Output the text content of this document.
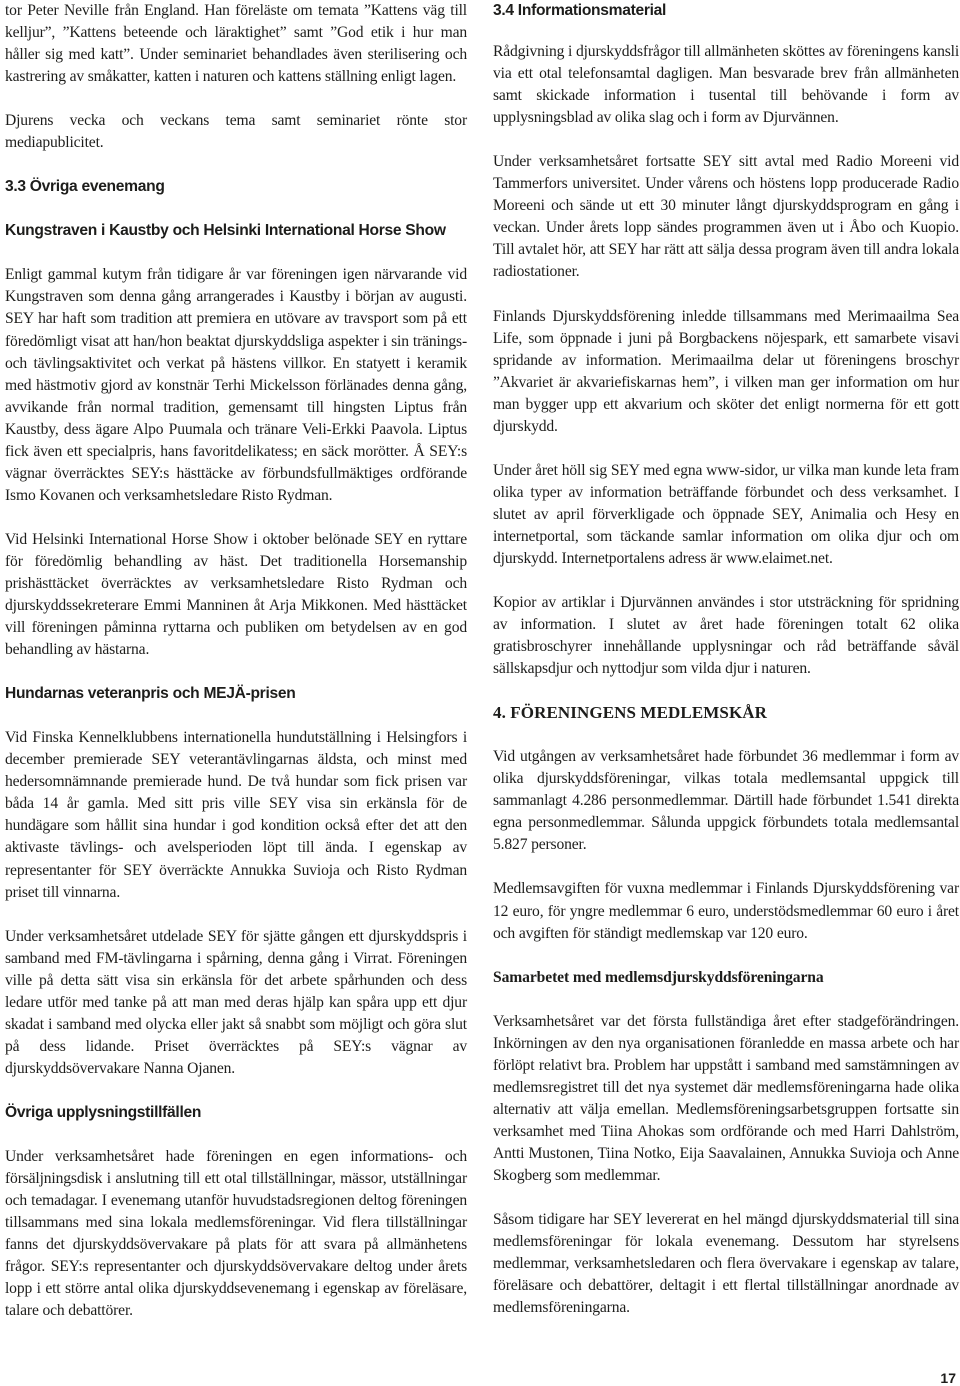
tor Peter Neville från England. Han föreläste om temata ”Kattens väg till kelljur”, ”Kattens beteende och läraktighet” samt ”God etik i hur man håller sig med katt”. Under seminariet behandlades även sterilisering och kastrering av småkatter, katten i naturen och kattens ställning enligt lagen.

Djurens vecka och veckans tema samt seminariet rönte stor mediapublicitet.

3.3 Övriga evenemang
Kungstraven i Kaustby och Helsinki International Horse Show

Enligt gammal kutym från tidigare år var föreningen igen närvarande vid Kungstraven som denna gång arrangerades i Kaustby i början av augusti. SEY har haft som tradition att premiera en utövare av travsport som på ett föredömligt visat att han/hon beaktat djurskyddsliga aspekter i sin tränings- och tävlingsaktivitet och verkat på hästens villkor. En statyett i keramik med hästmotiv gjord av konstnär Terhi Mickelsson förlänades denna gång, avvikande från normal tradition, gemensamt till hingsten Liptus från Kaustby, dess ägare Alpo Puumala och tränare Veli-Erkki Paavola. Liptus fick även ett specialpris, hans favoritdelikatess; en säck morötter. Å SEY:s vägnar överräcktes SEY:s hästtäcke av förbundsfullmäktiges ordförande Ismo Kovanen och verksamhetsledare Risto Rydman.

Vid Helsinki International Horse Show i oktober belönade SEY en ryttare för föredömlig behandling av häst. Det traditionella Horsemanship prishästtäcket överräcktes av verksamhetsledare Risto Rydman och djurskyddssekreterare Emmi Manninen åt Arja Mikkonen. Med hästtäcket vill föreningen påminna ryttarna och publiken om betydelsen av en god behandling av hästarna.

Hundarnas veteranpris och MEJÄ-prisen

Vid Finska Kennelklubbens internationella hundutställning i Helsingfors i december premierade SEY veterantävlingarnas äldsta, och minst med hedersomnämnande premierade hund. De två hundar som fick prisen var båda 14 år gamla. Med sitt pris ville SEY visa sin erkänsla för de hundägare som hållit sina hundar i god kondition också efter det att den aktivaste tävlings- och avelsperioden löpt till ända. I egenskap av representanter för SEY överräckte Annukka Suvioja och Risto Rydman priset till vinnarna.

Under verksamhetsåret utdelade SEY för sjätte gången ett djurskyddspris i samband med FM-tävlingarna i spårning, denna gång i Virrat. Föreningen ville på detta sätt visa sin erkänsla för det arbete spårhunden och dess ledare utför med tanke på att man med deras hjälp kan spåra upp ett djur skadat i samband med olycka eller jakt så snabbt som möjligt och göra slut på dess lidande. Priset överräcktes på SEY:s vägnar av djurskyddsövervakare Nanna Ojanen.

Övriga upplysningstillfällen

Under verksamhetsåret hade föreningen en egen informations- och försäljningsdisk i anslutning till ett otal tillställningar, mässor, utställningar och temadagar. I evenemang utanför huvudstadsregionen deltog föreningen tillsammans med sina lokala medlemsföreningar. Vid flera tillställningar fanns det djurskyddsövervakare på plats för att svara på allmänhetens frågor. SEY:s representanter och djurskyddsövervakare deltog under årets lopp i ett större antal olika djurskyddsevenemang i egenskap av föreläsare, talare och debattörer.

3.4 Informationsmaterial

Rådgivning i djurskyddsfrågor till allmänheten sköttes av föreningens kansli via ett otal telefonsamtal dagligen. Man besvarade brev från allmänheten samt skickade information i tusental till behövande i form av upplysningsblad av olika slag och i form av Djurvännen.

Under verksamhetsåret fortsatte SEY sitt avtal med Radio Moreeni vid Tammerfors universitet. Under vårens och höstens lopp producerade Radio Moreeni och sände ut ett 30 minuter långt djurskyddsprogram en gång i veckan. Under årets lopp sändes programmen även ut i Åbo och Kuopio. Till avtalet hör, att SEY har rätt att sälja dessa program även till andra lokala radiostationer.

Finlands Djurskyddsförening inledde tillsammans med Merimaailma Sea Life, som öppnade i juni på Borgbackens nöjespark, ett samarbete visavi spridande av information. Merimaailma delar ut föreningens broschyr ”Akvariet är akvariefiskarnas hem”, i vilken man ger information om hur man bygger upp ett akvarium och sköter det enligt normerna för ett gott djurskydd.

Under året höll sig SEY med egna www-sidor, ur vilka man kunde leta fram olika typer av information beträffande förbundet och dess verksamhet. I slutet av april förverkligade och öppnade SEY, Animalia och Hesy en internetportal, som täckande samlar information om olika djur och om djurskydd. Internetportalens adress är www.elaimet.net.

Kopior av artiklar i Djurvännen användes i stor utsträckning för spridning av information. I slutet av året hade föreningen totalt 62 olika gratisbroschyrer innehållande upplysningar och råd beträffande såväl sällskapsdjur och nyttodjur som vilda djur i naturen.

4. FÖRENINGENS MEDLEMSKÅR

Vid utgången av verksamhetsåret hade förbundet 36 medlemmar i form av olika djurskyddsföreningar, vilkas totala medlemsantal uppgick till sammanlagt 4.286 personmedlemmar. Därtill hade förbundet 1.541 direkta egna personmedlemmar. Sålunda uppgick förbundets totala medlemsantal 5.827 personer.

Medlemsavgiften för vuxna medlemmar i Finlands Djurskyddsförening var 12 euro, för yngre medlemmar 6 euro, understödsmedlemmar 60 euro i året och avgiften för ständigt medlemskap var 120 euro.

Samarbetet med medlemsdjurskyddsföreningarna

Verksamhetsåret var det första fullständiga året efter stadgeförändringen. Inkörningen av den nya organisationen föranledde en massa arbete och har förlöpt relativt bra. Problem har uppstått i samband med samstämningen av medlemsregistret till det nya systemet där medlemsföreningarna hade olika alternativ att välja emellan. Medlemsföreningsarbetsgruppen fortsatte sin verksamhet med Tiina Ahokas som ordförande och med Harri Dahlström, Antti Mustonen, Tiina Notko, Eija Saavalainen, Annukka Suvioja och Anne Skogberg som medlemmar.

Såsom tidigare har SEY levererat en hel mängd djurskyddsmaterial till sina medlemsföreningar för lokala evenemang. Dessutom har styrelsens medlemmar, verksamhetsledaren och flera övervakare i egenskap av talare, föreläsare och debattörer, deltagit i ett flertal tillställningar anordnade av medlemsföreningarna.

17
